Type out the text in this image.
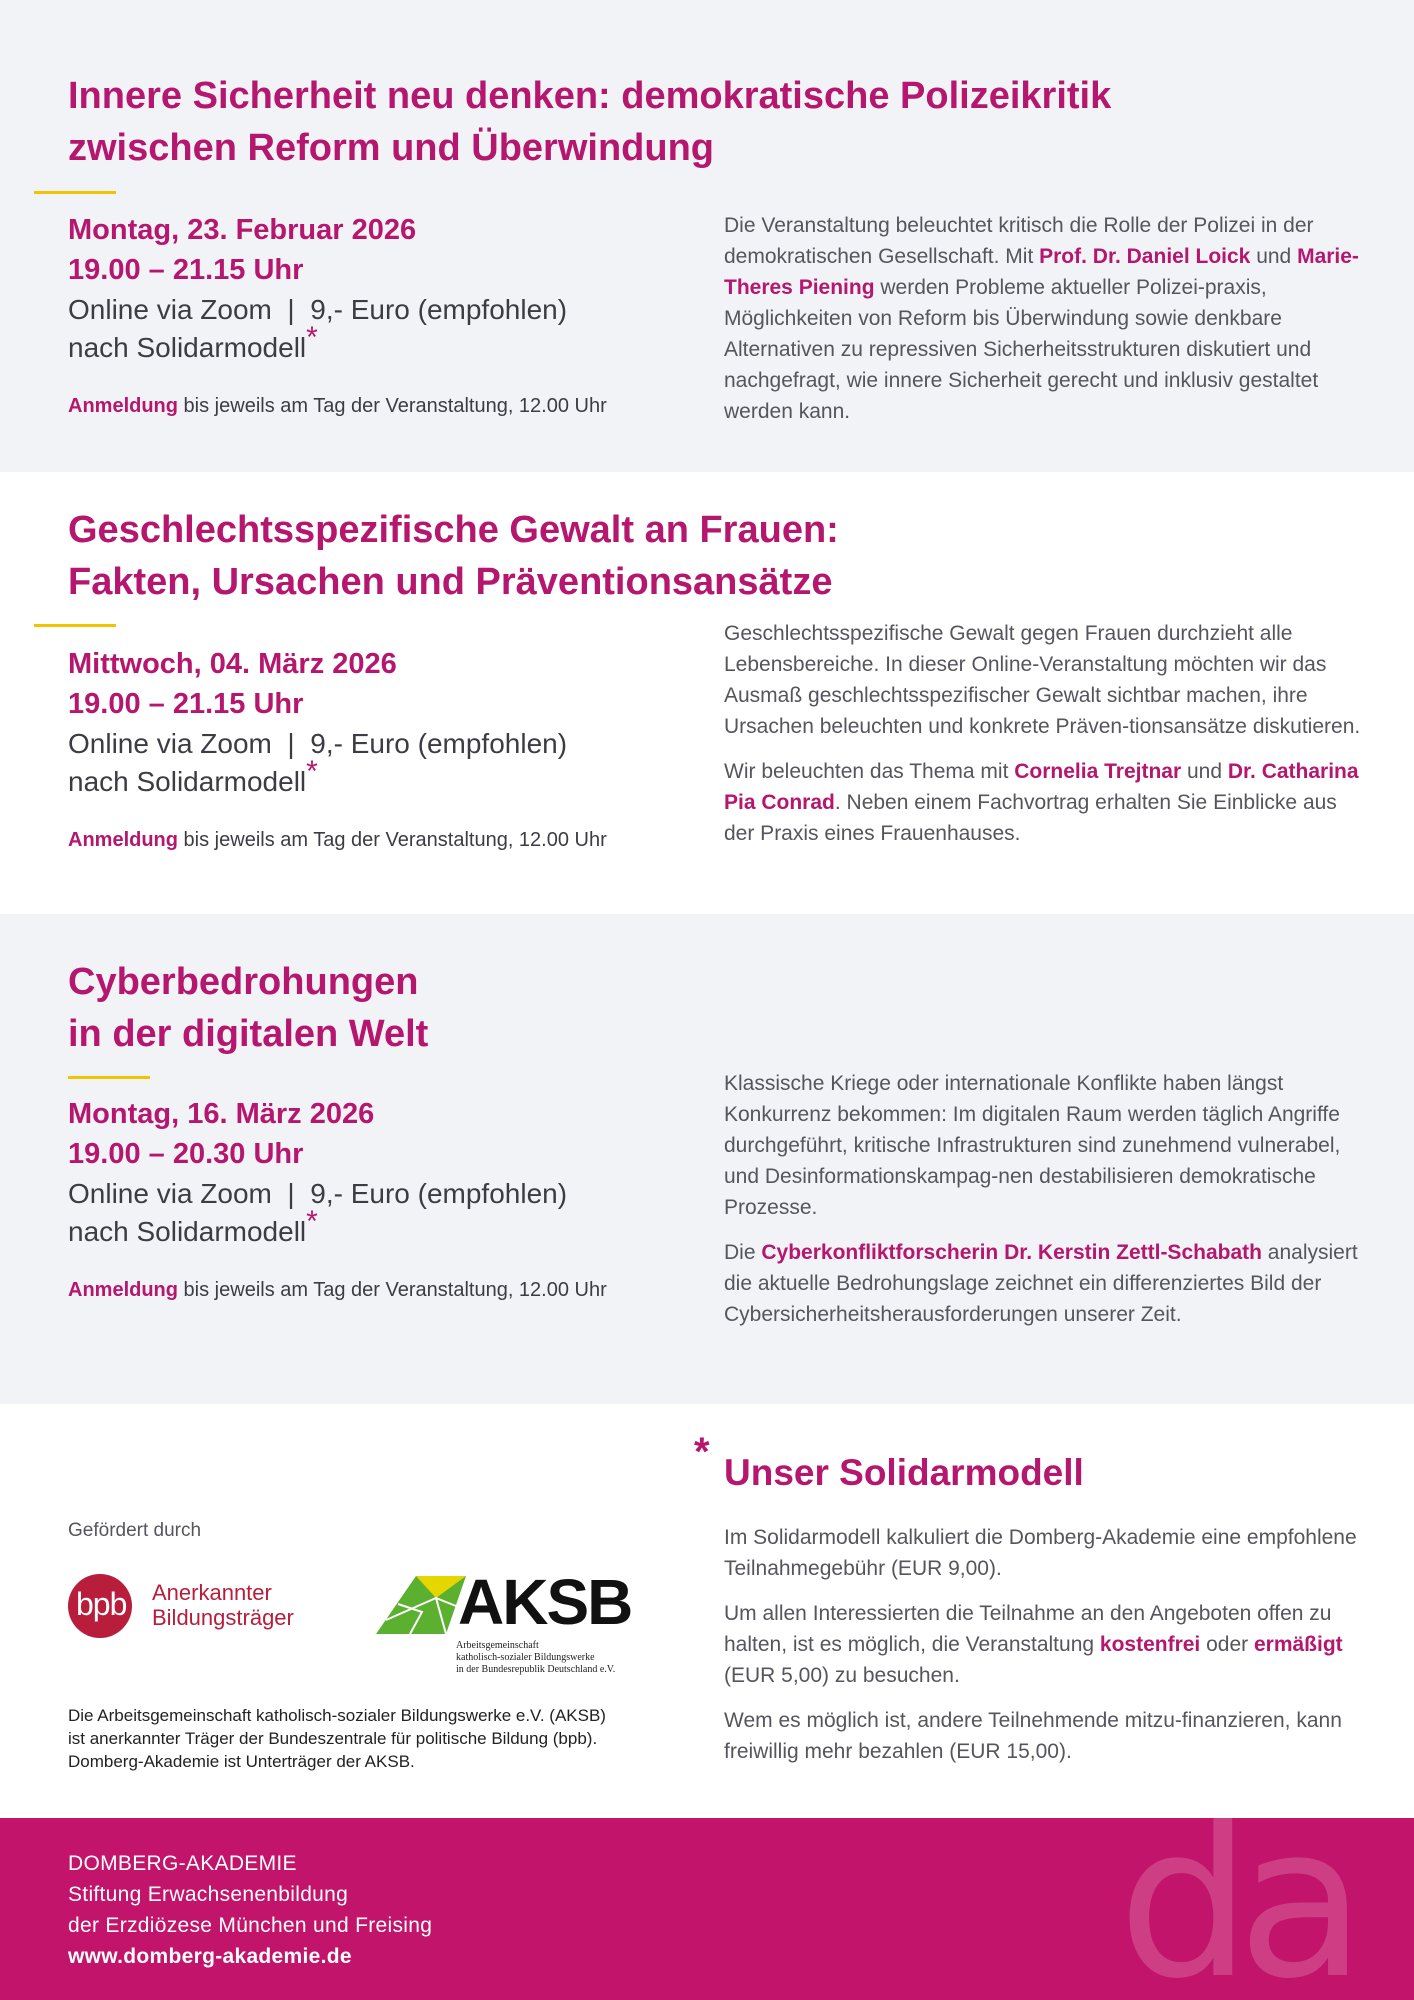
Innere Sicherheit neu denken: demokratische Polizeikritik
zwischen Reform und Überwindung
Montag, 23. Februar 2026
19.00 – 21.15 Uhr
Online via Zoom  |  9,- Euro (empfohlen)
nach Solidarmodell*
Anmeldung bis jeweils am Tag der Veranstaltung, 12.00 Uhr

Die Veranstaltung beleuchtet kritisch die Rolle der Polizei in der demokratischen Gesellschaft. Mit Prof. Dr. Daniel Loick und Marie-Theres Piening werden Probleme aktueller Polizei-praxis, Möglichkeiten von Reform bis Überwindung sowie denkbare Alternativen zu repressiven Sicherheitsstrukturen diskutiert und nachgefragt, wie innere Sicherheit gerecht und inklusiv gestaltet werden kann.

Geschlechtsspezifische Gewalt an Frauen:
Fakten, Ursachen und Präventionsansätze
Mittwoch, 04. März 2026
19.00 – 21.15 Uhr
Online via Zoom  |  9,- Euro (empfohlen)
nach Solidarmodell*
Anmeldung bis jeweils am Tag der Veranstaltung, 12.00 Uhr

Geschlechtsspezifische Gewalt gegen Frauen durchzieht alle Lebensbereiche. In dieser Online-Veranstaltung möchten wir das Ausmaß geschlechtsspezifischer Gewalt sichtbar machen, ihre Ursachen beleuchten und konkrete Präven-tionsansätze diskutieren.

Wir beleuchten das Thema mit Cornelia Trejtnar und Dr. Catharina Pia Conrad. Neben einem Fachvortrag erhalten Sie Einblicke aus der Praxis eines Frauenhauses.

Cyberbedrohungen
in der digitalen Welt
Montag, 16. März 2026
19.00 – 20.30 Uhr
Online via Zoom  |  9,- Euro (empfohlen)
nach Solidarmodell*
Anmeldung bis jeweils am Tag der Veranstaltung, 12.00 Uhr

Klassische Kriege oder internationale Konflikte haben längst Konkurrenz bekommen: Im digitalen Raum werden täglich Angriffe durchgeführt, kritische Infrastrukturen sind zunehmend vulnerabel, und Desinformationskampag-nen destabilisieren demokratische Prozesse.

Die Cyberkonfliktforscherin Dr. Kerstin Zettl-Schabath analysiert die aktuelle Bedrohungslage zeichnet ein differenziertes Bild der Cybersicherheitsherausforderungen unserer Zeit.

Gefördert durch
bpb Anerkannter
Bildungsträger	AKSB
Arbeitsgemeinschaft
katholisch-sozialer Bildungswerke
in der Bundesrepublik Deutschland e.V.
Die Arbeitsgemeinschaft katholisch-sozialer Bildungswerke e.V. (AKSB)
ist anerkannter Träger der Bundeszentrale für politische Bildung (bpb).
Domberg-Akademie ist Unterträger der AKSB.
* Unser Solidarmodell

Im Solidarmodell kalkuliert die Domberg-Akademie eine empfohlene Teilnahmegebühr (EUR 9,00).

Um allen Interessierten die Teilnahme an den Angeboten offen zu halten, ist es möglich, die Veranstaltung kostenfrei oder ermäßigt (EUR 5,00) zu besuchen.

Wem es möglich ist, andere Teilnehmende mitzu-finanzieren, kann freiwillig mehr bezahlen (EUR 15,00).

DOMBERG-AKADEMIE
Stiftung Erwachsenenbildung
der Erzdiözese München und Freising
www.domberg-akademie.de	da
